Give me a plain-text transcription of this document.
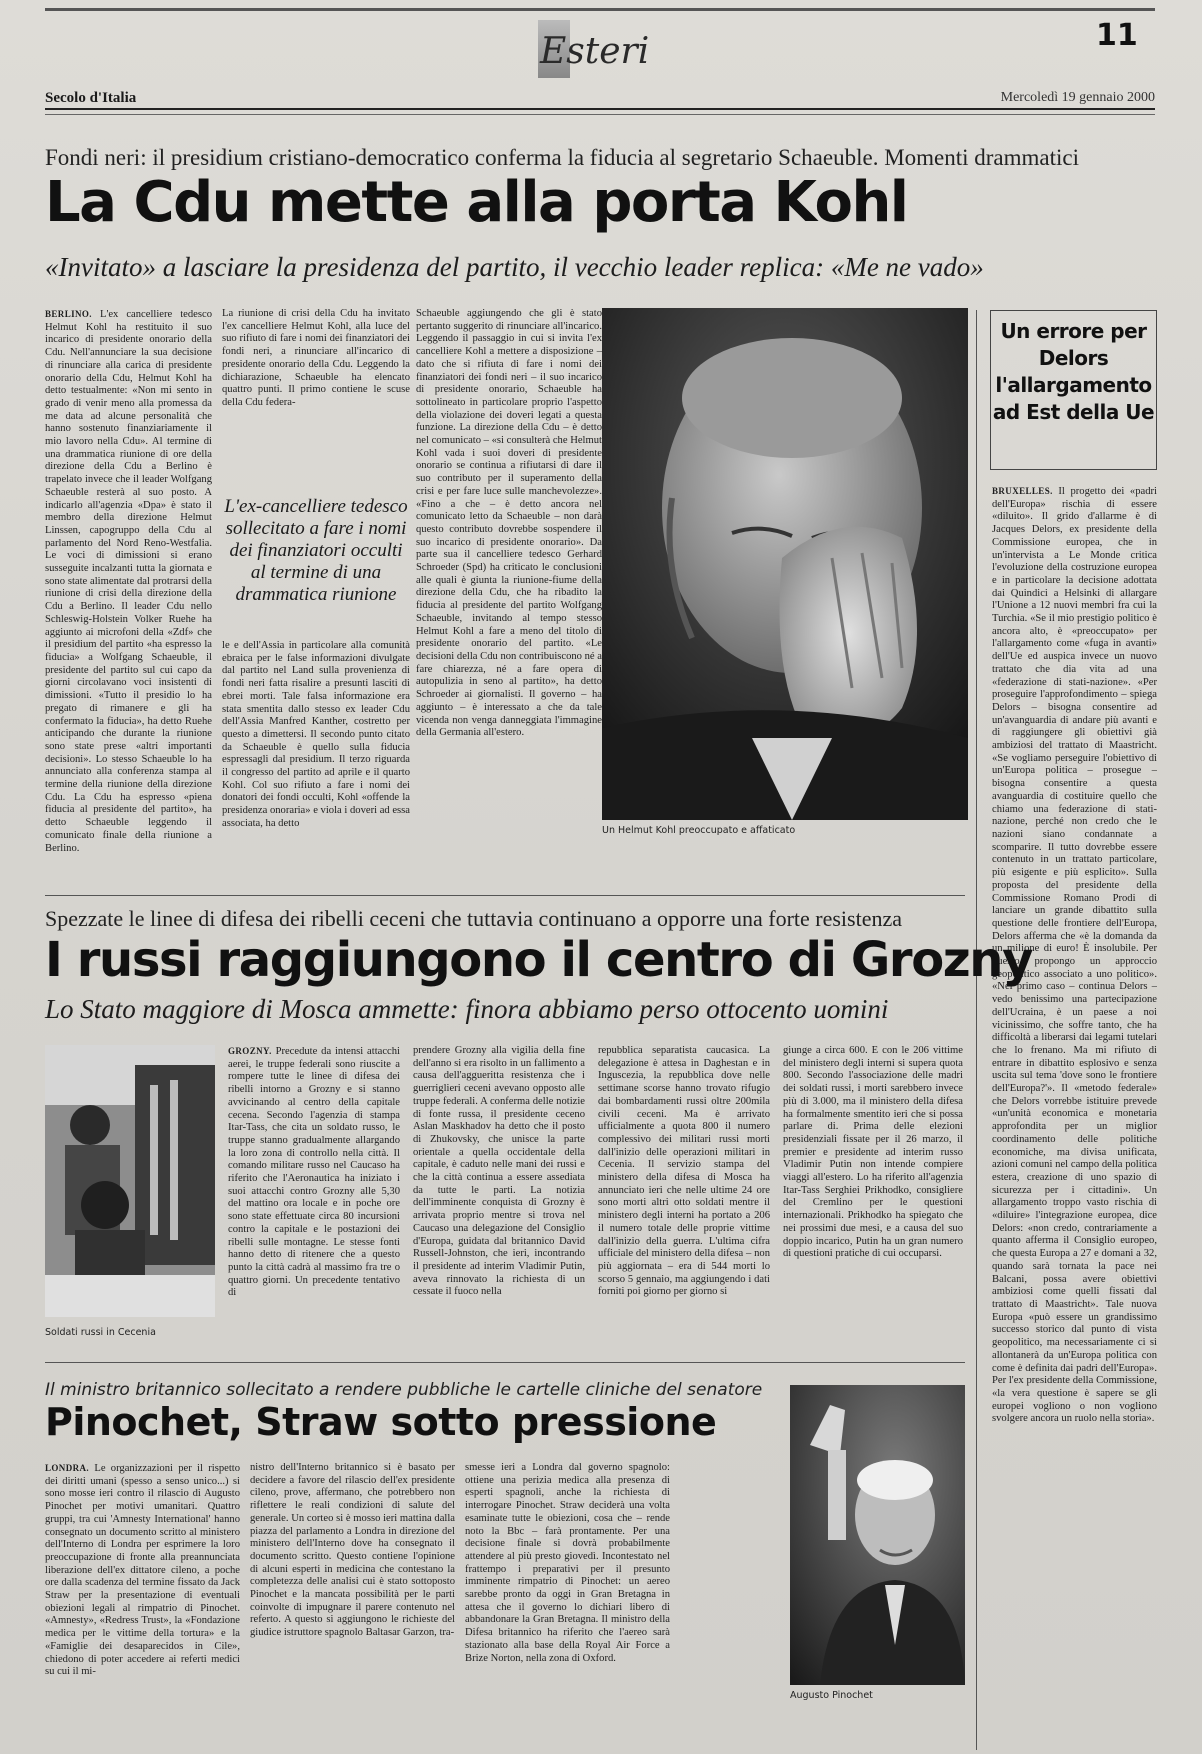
Esteri	11
Secolo d'Italia	Mercoledì 19 gennaio 2000
Fondi neri: il presidium cristiano-democratico conferma la fiducia al segretario Schaeuble. Momenti drammatici
La Cdu mette alla porta Kohl
«Invitato» a lasciare la presidenza del partito, il vecchio leader replica: «Me ne vado»
BERLINO. L'ex cancelliere tedesco Helmut Kohl ha restituito il suo incarico di presidente onorario della Cdu. Nell'annunciare la sua decisione di rinunciare alla carica di presidente onorario della Cdu, Helmut Kohl ha detto testualmente: «Non mi sento in grado di venir meno alla promessa da me data ad alcune personalità che hanno sostenuto finanziariamente il mio lavoro nella Cdu». Al termine di una drammatica riunione di ore della direzione della Cdu a Berlino è trapelato invece che il leader Wolfgang Schaeuble resterà al suo posto. A indicarlo all'agenzia «Dpa» è stato il membro della direzione Helmut Linssen, capogruppo della Cdu al parlamento del Nord Reno-Westfalia. Le voci di dimissioni si erano susseguite incalzanti tutta la giornata e sono state alimentate dal protrarsi della riunione di crisi della direzione della Cdu a Berlino. Il leader Cdu nello Schleswig-Holstein Volker Ruehe ha aggiunto ai microfoni della «Zdf» che il presidium del partito «ha espresso la fiducia» a Wolfgang Schaeuble, il presidente del partito sul cui capo da giorni circolavano voci insistenti di dimissioni. «Tutto il presidio lo ha pregato di rimanere e gli ha confermato la fiducia», ha detto Ruehe anticipando che durante la riunione sono state prese «altri importanti decisioni». Lo stesso Schaeuble lo ha annunciato alla conferenza stampa al termine della riunione della direzione Cdu. La Cdu ha espresso «piena fiducia al presidente del partito», ha detto Schaeuble leggendo il comunicato finale della riunione a Berlino.
La riunione di crisi della Cdu ha invitato l'ex cancelliere Helmut Kohl, alla luce del suo rifiuto di fare i nomi dei finanziatori dei fondi neri, a rinunciare all'incarico di presidente onorario della Cdu. Leggendo la dichiarazione, Schaeuble ha elencato quattro punti. Il primo contiene le scuse della Cdu federa-
L'ex-cancelliere tedesco sollecitato a fare i nomi dei finanziatori occulti al termine di una drammatica riunione
le e dell'Assia in particolare alla comunità ebraica per le false informazioni divulgate dal partito nel Land sulla provenienza di fondi neri fatta risalire a presunti lasciti di ebrei morti. Tale falsa informazione era stata smentita dallo stesso ex leader Cdu dell'Assia Manfred Kanther, costretto per questo a dimettersi. Il secondo punto citato da Schaeuble è quello sulla fiducia espressagli dal presidium. Il terzo riguarda il congresso del partito ad aprile e il quarto Kohl. Col suo rifiuto a fare i nomi dei donatori dei fondi occulti, Kohl «offende la presidenza onoraria» e viola i doveri ad essa associata, ha detto
Schaeuble aggiungendo che gli è stato pertanto suggerito di rinunciare all'incarico. Leggendo il passaggio in cui si invita l'ex cancelliere Kohl a mettere a disposizione – dato che si rifiuta di fare i nomi dei finanziatori dei fondi neri – il suo incarico di presidente onorario, Schaeuble ha sottolineato in particolare proprio l'aspetto della violazione dei doveri legati a questa funzione. La direzione della Cdu – è detto nel comunicato – «si consulterà che Helmut Kohl vada i suoi doveri di presidente onorario se continua a rifiutarsi di dare il suo contributo per il superamento della crisi e per fare luce sulle manchevolezze». «Fino a che – è detto ancora nel comunicato letto da Schaeuble – non darà questo contributo dovrebbe sospendere il suo incarico di presidente onorario». Da parte sua il cancelliere tedesco Gerhard Schroeder (Spd) ha criticato le conclusioni alle quali è giunta la riunione-fiume della direzione della Cdu, che ha ribadito la fiducia al presidente del partito Wolfgang Schaeuble, invitando al tempo stesso Helmut Kohl a fare a meno del titolo di presidente onorario del partito. «Le decisioni della Cdu non contribuiscono né a fare chiarezza, né a fare opera di autopulizia in seno al partito», ha detto Schroeder ai giornalisti. Il governo – ha aggiunto – è interessato a che da tale vicenda non venga danneggiata l'immagine della Germania all'estero.
Un Helmut Kohl preoccupato e affaticato
Un errore per Delors l'allargamento ad Est della Ue
BRUXELLES. Il progetto dei «padri dell'Europa» rischia di essere «diluito». Il grido d'allarme è di Jacques Delors, ex presidente della Commissione europea, che in un'intervista a Le Monde critica l'evoluzione della costruzione europea e in particolare la decisione adottata dai Quindici a Helsinki di allargare l'Unione a 12 nuovi membri fra cui la Turchia. «Se il mio prestigio politico è ancora alto, è «preoccupato» per l'allargamento come «fuga in avanti» dell'Ue ed auspica invece un nuovo trattato che dia vita ad una «federazione di stati-nazione». «Per proseguire l'approfondimento – spiega Delors – bisogna consentire ad un'avanguardia di andare più avanti e di raggiungere gli obiettivi già ambiziosi del trattato di Maastricht. «Se vogliamo perseguire l'obiettivo di un'Europa politica – prosegue – bisogna consentire a questa avanguardia di costituire quello che chiamo una federazione di stati-nazione, perché non credo che le nazioni siano condannate a scomparire. Il tutto dovrebbe essere contenuto in un trattato particolare, più esigente e più esplicito». Sulla proposta del presidente della Commissione Romano Prodi di lanciare un grande dibattito sulla questione delle frontiere dell'Europa, Delors afferma che «è la domanda da un milione di euro! È insolubile. Per questo propongo un approccio geopolitico associato a uno politico». «Nel primo caso – continua Delors – vedo benissimo una partecipazione dell'Ucraina, è un paese a noi vicinissimo, che soffre tanto, che ha difficoltà a liberarsi dai legami tutelari che lo frenano. Ma mi rifiuto di entrare in dibattito esplosivo e senza uscita sul tema 'dove sono le frontiere dell'Europa?'». Il «metodo federale» che Delors vorrebbe istituire prevede «un'unità economica e monetaria approfondita per un miglior coordinamento delle politiche economiche, ma divisa unificata, azioni comuni nel campo della politica estera, creazione di uno spazio di sicurezza per i cittadini». Un allargamento troppo vasto rischia di «diluire» l'integrazione europea, dice Delors: «non credo, contrariamente a quanto afferma il Consiglio europeo, che questa Europa a 27 e domani a 32, quando sarà tornata la pace nei Balcani, possa avere obiettivi ambiziosi come quelli fissati dal trattato di Maastricht». Tale nuova Europa «può essere un grandissimo successo storico dal punto di vista geopolitico, ma necessariamente ci si allontanerà da un'Europa politica con come è definita dai padri dell'Europa». Per l'ex presidente della Commissione, «la vera questione è sapere se gli europei vogliono o non vogliono svolgere ancora un ruolo nella storia».
Spezzate le linee di difesa dei ribelli ceceni che tuttavia continuano a opporre una forte resistenza
I russi raggiungono il centro di Grozny
Lo Stato maggiore di Mosca ammette: finora abbiamo perso ottocento uomini
Soldati russi in Cecenia
GROZNY. Precedute da intensi attacchi aerei, le truppe federali sono riuscite a rompere tutte le linee di difesa dei ribelli intorno a Grozny e si stanno avvicinando al centro della capitale cecena. Secondo l'agenzia di stampa Itar-Tass, che cita un soldato russo, le truppe stanno gradualmente allargando la loro zona di controllo nella città. Il comando militare russo nel Caucaso ha riferito che l'Aeronautica ha iniziato i suoi attacchi contro Grozny alle 5,30 del mattino ora locale e in poche ore sono state effettuate circa 80 incursioni contro la capitale e le postazioni dei ribelli sulle montagne. Le stesse fonti hanno detto di ritenere che a questo punto la città cadrà al massimo fra tre o quattro giorni. Un precedente tentativo di
prendere Grozny alla vigilia della fine dell'anno si era risolto in un fallimento a causa dell'aggueritta resistenza che i guerriglieri ceceni avevano opposto alle truppe federali. A conferma delle notizie di fonte russa, il presidente ceceno Aslan Maskhadov ha detto che il posto di Zhukovsky, che unisce la parte orientale a quella occidentale della capitale, è caduto nelle mani dei russi e che la città continua a essere assediata da tutte le parti. La notizia dell'imminente conquista di Grozny è arrivata proprio mentre si trova nel Caucaso una delegazione del Consiglio d'Europa, guidata dal britannico David Russell-Johnston, che ieri, incontrando il presidente ad interim Vladimir Putin, aveva rinnovato la richiesta di un cessate il fuoco nella
repubblica separatista caucasica. La delegazione è attesa in Daghestan e in Inguscezia, la repubblica dove nelle settimane scorse hanno trovato rifugio dai bombardamenti russi oltre 200mila civili ceceni. Ma è arrivato ufficialmente a quota 800 il numero complessivo dei militari russi morti dall'inizio delle operazioni militari in Cecenia. Il servizio stampa del ministero della difesa di Mosca ha annunciato ieri che nelle ultime 24 ore sono morti altri otto soldati mentre il ministero degli interni ha portato a 206 il numero totale delle proprie vittime dall'inizio della guerra. L'ultima cifra ufficiale del ministero della difesa – non più aggiornata – era di 544 morti lo scorso 5 gennaio, ma aggiungendo i dati forniti poi giorno per giorno si
giunge a circa 600. E con le 206 vittime del ministero degli interni si supera quota 800. Secondo l'associazione delle madri dei soldati russi, i morti sarebbero invece più di 3.000, ma il ministero della difesa ha formalmente smentito ieri che si possa parlare di. Prima delle elezioni presidenziali fissate per il 26 marzo, il premier e presidente ad interim russo Vladimir Putin non intende compiere viaggi all'estero. Lo ha riferito all'agenzia Itar-Tass Serghiei Prikhodko, consigliere del Cremlino per le questioni internazionali. Prikhodko ha spiegato che nei prossimi due mesi, e a causa del suo doppio incarico, Putin ha un gran numero di questioni pratiche di cui occuparsi.
Il ministro britannico sollecitato a rendere pubbliche le cartelle cliniche del senatore
Pinochet, Straw sotto pressione
LONDRA. Le organizzazioni per il rispetto dei diritti umani (spesso a senso unico...) si sono mosse ieri contro il rilascio di Augusto Pinochet per motivi umanitari. Quattro gruppi, tra cui 'Amnesty International' hanno consegnato un documento scritto al ministero dell'Interno di Londra per esprimere la loro preoccupazione di fronte alla preannunciata liberazione dell'ex dittatore cileno, a poche ore dalla scadenza del termine fissato da Jack Straw per la presentazione di eventuali obiezioni legali al rimpatrio di Pinochet. «Amnesty», «Redress Trust», la «Fondazione medica per le vittime della tortura» e la «Famiglie dei desaparecidos in Cile», chiedono di poter accedere ai referti medici su cui il mi-
nistro dell'Interno britannico si è basato per decidere a favore del rilascio dell'ex presidente cileno, prove, affermano, che potrebbero non riflettere le reali condizioni di salute del generale. Un corteo si è mosso ieri mattina dalla piazza del parlamento a Londra in direzione del ministero dell'Interno dove ha consegnato il documento scritto. Questo contiene l'opinione di alcuni esperti in medicina che contestano la completezza delle analisi cui è stato sottoposto Pinochet e la mancata possibilità per le parti coinvolte di impugnare il parere contenuto nel referto. A questo si aggiungono le richieste del giudice istruttore spagnolo Baltasar Garzon, tra-
smesse ieri a Londra dal governo spagnolo: ottiene una perizia medica alla presenza di esperti spagnoli, anche la richiesta di interrogare Pinochet. Straw deciderà una volta esaminate tutte le obiezioni, cosa che – rende noto la Bbc – farà prontamente. Per una decisione finale si dovrà probabilmente attendere al più presto giovedì. Incontestato nel frattempo i preparativi per il presunto imminente rimpatrio di Pinochet: un aereo sarebbe pronto da oggi in Gran Bretagna in attesa che il governo lo dichiari libero di abbandonare la Gran Bretagna. Il ministro della Difesa britannico ha riferito che l'aereo sarà stazionato alla base della Royal Air Force a Brize Norton, nella zona di Oxford.
Augusto Pinochet
